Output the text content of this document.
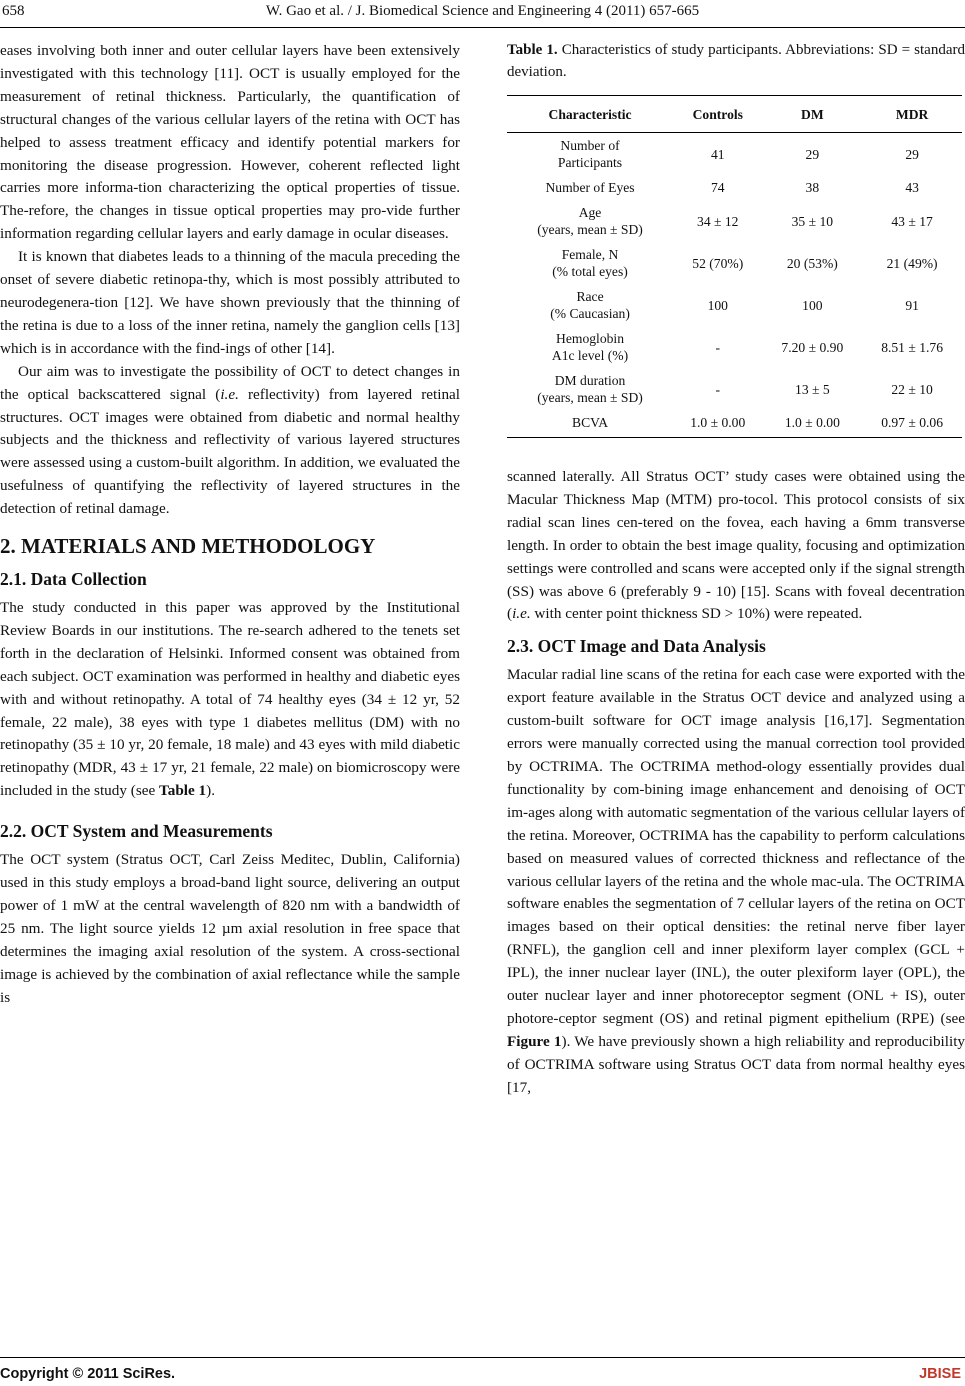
658	W. Gao et al. / J. Biomedical Science and Engineering 4 (2011) 657-665

eases involving both inner and outer cellular layers have been extensively investigated with this technology [11]. OCT is usually employed for the measurement of retinal thickness. Particularly, the quantification of structural changes of the various cellular layers of the retina with OCT has helped to assess treatment efficacy and identify potential markers for monitoring the disease progression. However, coherent reflected light carries more informa-tion characterizing the optical properties of tissue. The-refore, the changes in tissue optical properties may pro-vide further information regarding cellular layers and early damage in ocular diseases.

It is known that diabetes leads to a thinning of the macula preceding the onset of severe diabetic retinopa-thy, which is most possibly attributed to neurodegenera-tion [12]. We have shown previously that the thinning of the retina is due to a loss of the inner retina, namely the ganglion cells [13] which is in accordance with the find-ings of other [14].

Our aim was to investigate the possibility of OCT to detect changes in the optical backscattered signal (i.e. reflectivity) from layered retinal structures. OCT images were obtained from diabetic and normal healthy subjects and the thickness and reflectivity of various layered structures were assessed using a custom-built algorithm. In addition, we evaluated the usefulness of quantifying the reflectivity of layered structures in the detection of retinal damage.

2. MATERIALS AND METHODOLOGY
2.1. Data Collection

The study conducted in this paper was approved by the Institutional Review Boards in our institutions. The re-search adhered to the tenets set forth in the declaration of Helsinki. Informed consent was obtained from each subject. OCT examination was performed in healthy and diabetic eyes with and without retinopathy. A total of 74 healthy eyes (34 ± 12 yr, 52 female, 22 male), 38 eyes with type 1 diabetes mellitus (DM) with no retinopathy (35 ± 10 yr, 20 female, 18 male) and 43 eyes with mild diabetic retinopathy (MDR, 43 ± 17 yr, 21 female, 22 male) on biomicroscopy were included in the study (see Table 1).

2.2. OCT System and Measurements

The OCT system (Stratus OCT, Carl Zeiss Meditec, Dublin, California) used in this study employs a broad-band light source, delivering an output power of 1 mW at the central wavelength of 820 nm with a bandwidth of 25 nm. The light source yields 12 µm axial resolution in free space that determines the imaging axial resolution of the system. A cross-sectional image is achieved by the combination of axial reflectance while the sample is

Table 1. Characteristics of study participants. Abbreviations: SD = standard deviation.

Characteristic	Controls	DM	MDR
Number of
Participants	41	29	29
Number of Eyes	74	38	43
Age
(years, mean ± SD)	34 ± 12	35 ± 10	43 ± 17
Female, N
(% total eyes)	52 (70%)	20 (53%)	21 (49%)
Race
(% Caucasian)	100	100	91
Hemoglobin
A1c level (%)	-	7.20 ± 0.90	8.51 ± 1.76
DM duration
(years, mean ± SD)	-	13 ± 5	22 ± 10
BCVA	1.0 ± 0.00	1.0 ± 0.00	0.97 ± 0.06

scanned laterally. All Stratus OCT’ study cases were obtained using the Macular Thickness Map (MTM) pro-tocol. This protocol consists of six radial scan lines cen-tered on the fovea, each having a 6mm transverse length. In order to obtain the best image quality, focusing and optimization settings were controlled and scans were accepted only if the signal strength (SS) was above 6 (preferably 9 - 10) [15]. Scans with foveal decentration (i.e. with center point thickness SD > 10%) were repeated.

2.3. OCT Image and Data Analysis

Macular radial line scans of the retina for each case were exported with the export feature available in the Stratus OCT device and analyzed using a custom-built software for OCT image analysis [16,17]. Segmentation errors were manually corrected using the manual correction tool provided by OCTRIMA. The OCTRIMA method-ology essentially provides dual functionality by com-bining image enhancement and denoising of OCT im-ages along with automatic segmentation of the various cellular layers of the retina. Moreover, OCTRIMA has the capability to perform calculations based on measured values of corrected thickness and reflectance of the various cellular layers of the retina and the whole mac-ula. The OCTRIMA software enables the segmentation of 7 cellular layers of the retina on OCT images based on their optical densities: the retinal nerve fiber layer (RNFL), the ganglion cell and inner plexiform layer complex (GCL + IPL), the inner nuclear layer (INL), the outer plexiform layer (OPL), the outer nuclear layer and inner photoreceptor segment (ONL + IS), outer photore-ceptor segment (OS) and retinal pigment epithelium (RPE) (see Figure 1). We have previously shown a high reliability and reproducibility of OCTRIMA software using Stratus OCT data from normal healthy eyes [17,

Copyright © 2011 SciRes.	JBISE
